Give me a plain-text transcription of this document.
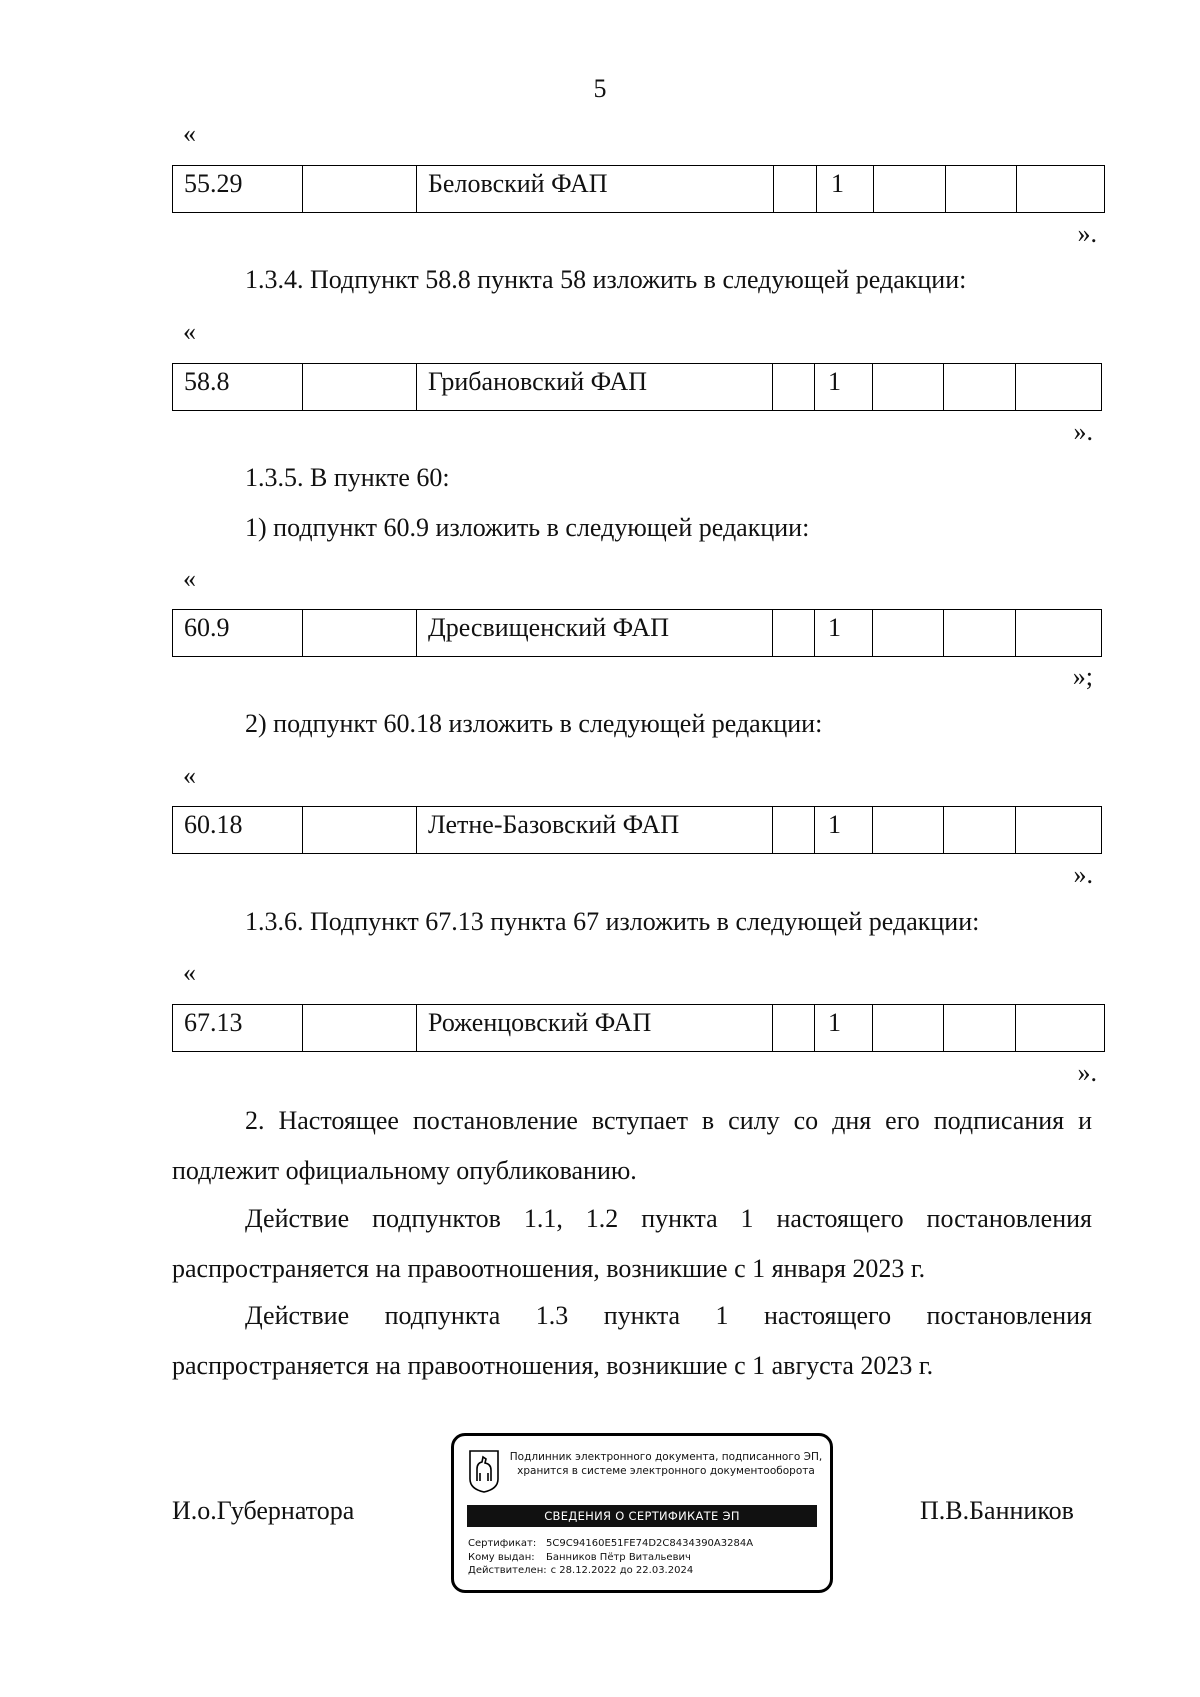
5
«
55.29	Беловский ФАП	1
».
1.3.4. Подпункт 58.8 пункта 58 изложить в следующей редакции:
«
58.8	Грибановский ФАП	1
».
1.3.5. В пункте 60:
1) подпункт 60.9 изложить в следующей редакции:
«
60.9	Дресвищенский ФАП	1
»;
2) подпункт 60.18 изложить в следующей редакции:
«
60.18	Летне-Базовский ФАП	1
».
1.3.6. Подпункт 67.13 пункта 67 изложить в следующей редакции:
«
67.13	Роженцовский ФАП	1
».
2. Настоящее постановление вступает в силу со дня его подписания и подлежит официальному опубликованию.
Действие подпунктов 1.1, 1.2 пункта 1 настоящего постановления распространяется на правоотношения, возникшие с 1 января 2023 г.
Действие подпункта 1.3 пункта 1 настоящего постановления распространяется на правоотношения, возникшие с 1 августа 2023 г.
И.о.Губернатора	П.В.Банников
Подлинник электронного документа, подписанного ЭП,
хранится в системе электронного документооборота
СВЕДЕНИЯ О СЕРТИФИКАТЕ ЭП
Сертификат: 5C9C94160E51FE74D2C8434390A3284A
Кому выдан: Банников Пётр Витальевич
Действителен: с 28.12.2022 до 22.03.2024
